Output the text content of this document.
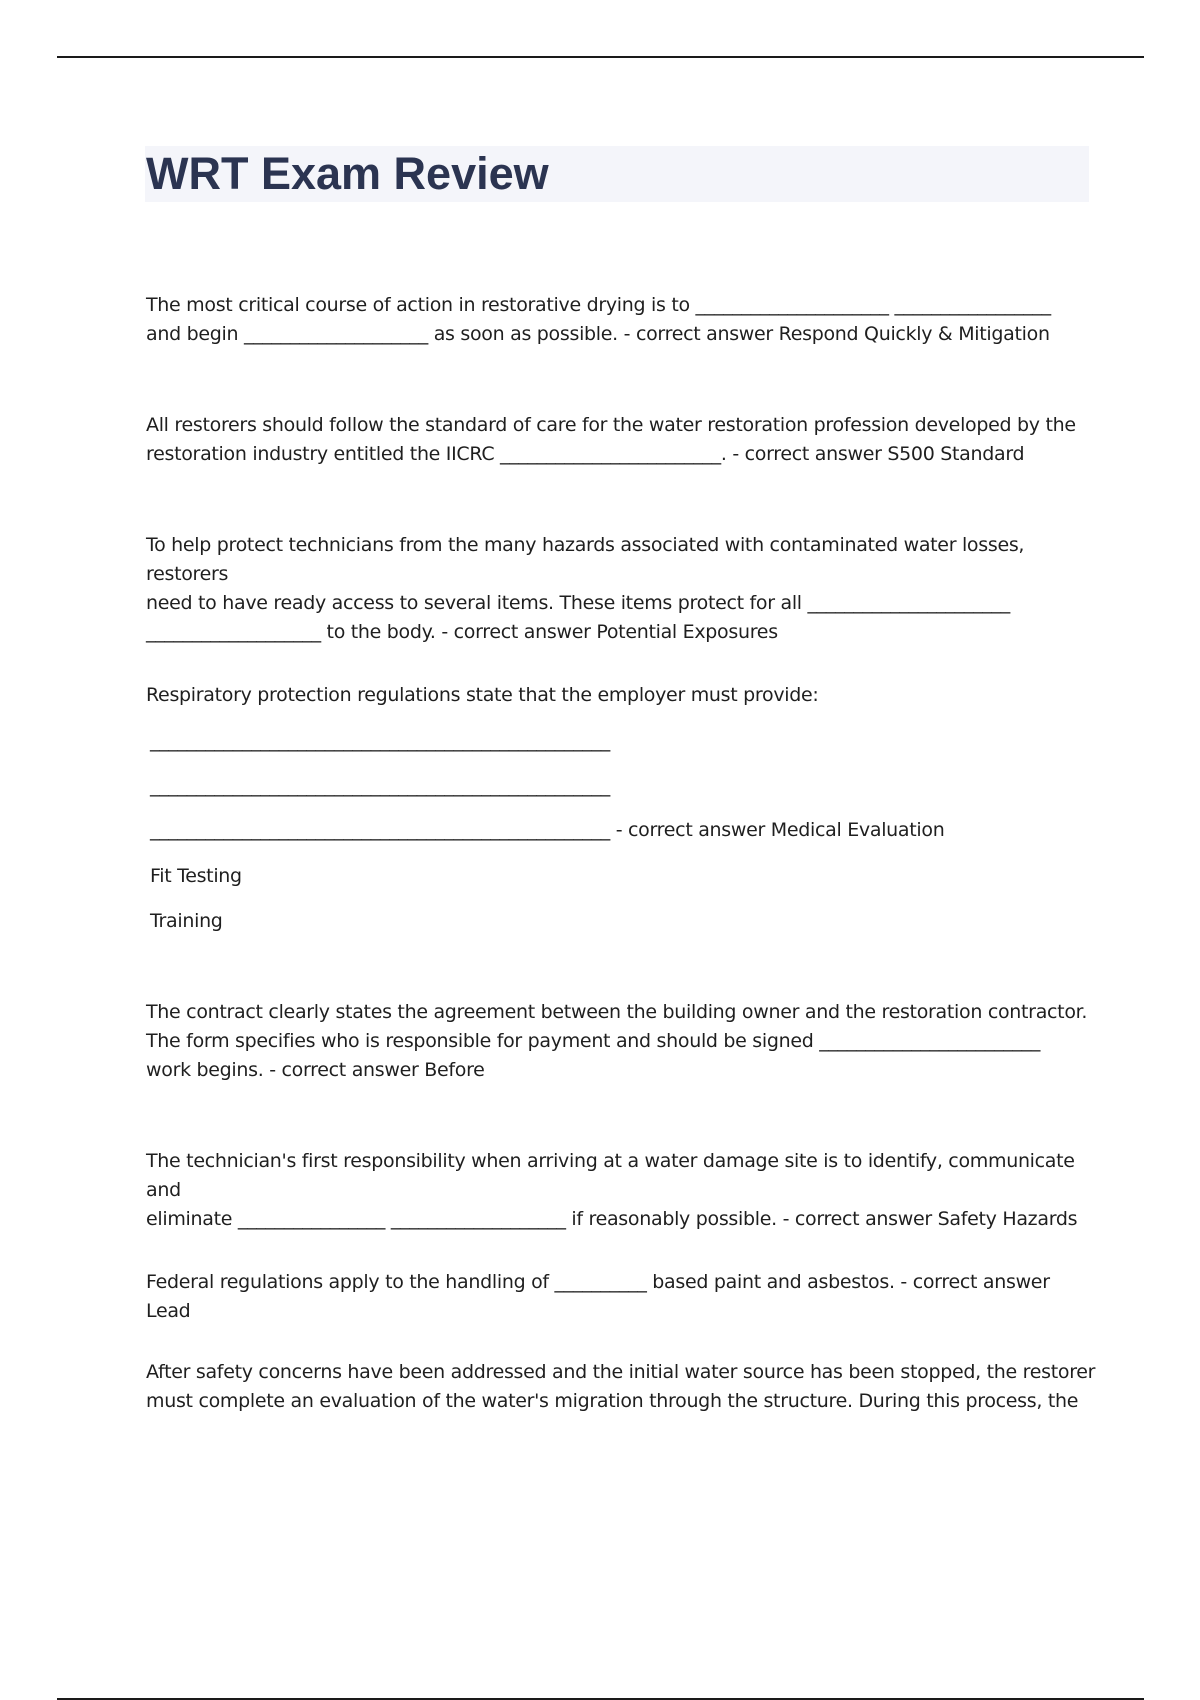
WRT Exam Review

The most critical course of action in restorative drying is to _____________________ _________________
and begin ____________________ as soon as possible. - correct answer Respond Quickly & Mitigation

All restorers should follow the standard of care for the water restoration profession developed by the
restoration industry entitled the IICRC ________________________. - correct answer S500 Standard

To help protect technicians from the many hazards associated with contaminated water losses, restorers
need to have ready access to several items. These items protect for all ______________________
___________________ to the body. - correct answer Potential Exposures

Respiratory protection regulations state that the employer must provide:

__________________________________________________
__________________________________________________
__________________________________________________ - correct answer Medical Evaluation
Fit Testing
Training

The contract clearly states the agreement between the building owner and the restoration contractor.
The form specifies who is responsible for payment and should be signed ________________________
work begins. - correct answer Before

The technician's first responsibility when arriving at a water damage site is to identify, communicate and
eliminate ________________ ___________________ if reasonably possible. - correct answer Safety Hazards

Federal regulations apply to the handling of __________ based paint and asbestos. - correct answer Lead

After safety concerns have been addressed and the initial water source has been stopped, the restorer
must complete an evaluation of the water's migration through the structure. During this process, the
